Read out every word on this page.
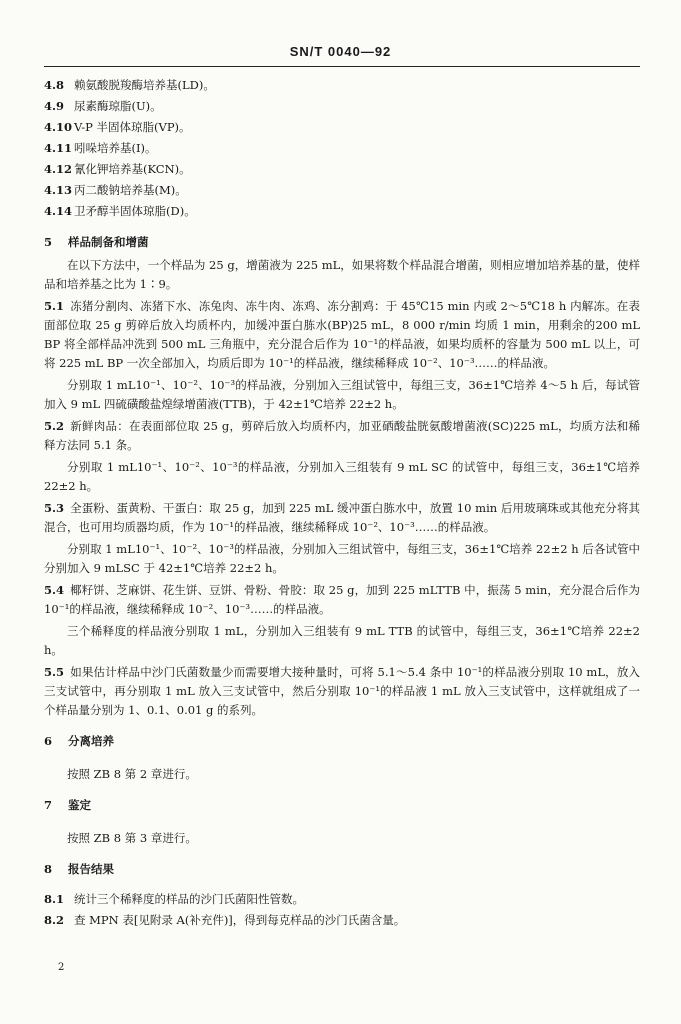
SN/T 0040—92
4.8 赖氨酸脱羧酶培养基(LD)。
4.9 尿素酶琼脂(U)。
4.10 V-P 半固体琼脂(VP)。
4.11 吲哚培养基(I)。
4.12 氰化钾培养基(KCN)。
4.13 丙二酸钠培养基(M)。
4.14 卫矛醇半固体琼脂(D)。
5	样品制备和增菌
在以下方法中，一个样品为 25 g，增菌液为 225 mL，如果将数个样品混合增菌，则相应增加培养基的量，使样品和培养基之比为 1∶9。
5.1 冻猪分割肉、冻猪下水、冻兔肉、冻牛肉、冻鸡、冻分割鸡：于 45℃15 min 内或 2～5℃18 h 内解冻。在表面部位取 25 g 剪碎后放入均质杯内，加缓冲蛋白胨水(BP)25 mL，8 000 r/min 均质 1 min，用剩余的200 mL BP 将全部样品冲洗到 500 mL 三角瓶中，充分混合后作为 10⁻¹的样品液，如果均质杯的容量为 500 mL 以上，可将 225 mL BP 一次全部加入，均质后即为 10⁻¹的样品液，继续稀释成 10⁻²、10⁻³……的样品液。
分别取 1 mL10⁻¹、10⁻²、10⁻³的样品液，分别加入三组试管中，每组三支，36±1℃培养 4～5 h 后，每试管加入 9 mL 四硫磺酸盐煌绿增菌液(TTB)，于 42±1℃培养 22±2 h。
5.2 新鲜肉品：在表面部位取 25 g，剪碎后放入均质杯内，加亚硒酸盐胱氨酸增菌液(SC)225 mL，均质方法和稀释方法同 5.1 条。
分别取 1 mL10⁻¹、10⁻²、10⁻³的样品液，分别加入三组装有 9 mL SC 的试管中，每组三支，36±1℃培养 22±2 h。
5.3 全蛋粉、蛋黄粉、干蛋白：取 25 g，加到 225 mL 缓冲蛋白胨水中，放置 10 min 后用玻璃珠或其他充分将其混合，也可用均质器均质，作为 10⁻¹的样品液，继续稀释成 10⁻²、10⁻³……的样品液。
分别取 1 mL10⁻¹、10⁻²、10⁻³的样品液，分别加入三组试管中，每组三支，36±1℃培养 22±2 h 后各试管中分别加入 9 mLSC 于 42±1℃培养 22±2 h。
5.4 椰籽饼、芝麻饼、花生饼、豆饼、骨粉、骨胶：取 25 g，加到 225 mLTTB 中，振荡 5 min，充分混合后作为 10⁻¹的样品液，继续稀释成 10⁻²、10⁻³……的样品液。
三个稀释度的样品液分别取 1 mL，分别加入三组装有 9 mL TTB 的试管中，每组三支，36±1℃培养 22±2 h。
5.5 如果估计样品中沙门氏菌数量少而需要增大接种量时，可将 5.1～5.4 条中 10⁻¹的样品液分别取 10 mL，放入三支试管中，再分别取 1 mL 放入三支试管中，然后分别取 10⁻¹的样品液 1 mL 放入三支试管中，这样就组成了一个样品量分别为 1、0.1、0.01 g 的系列。
6	分离培养
按照 ZB 8 第 2 章进行。
7	鉴定
按照 ZB 8 第 3 章进行。
8	报告结果
8.1 统计三个稀释度的样品的沙门氏菌阳性管数。
8.2 查 MPN 表[见附录 A(补充件)]，得到每克样品的沙门氏菌含量。
2
